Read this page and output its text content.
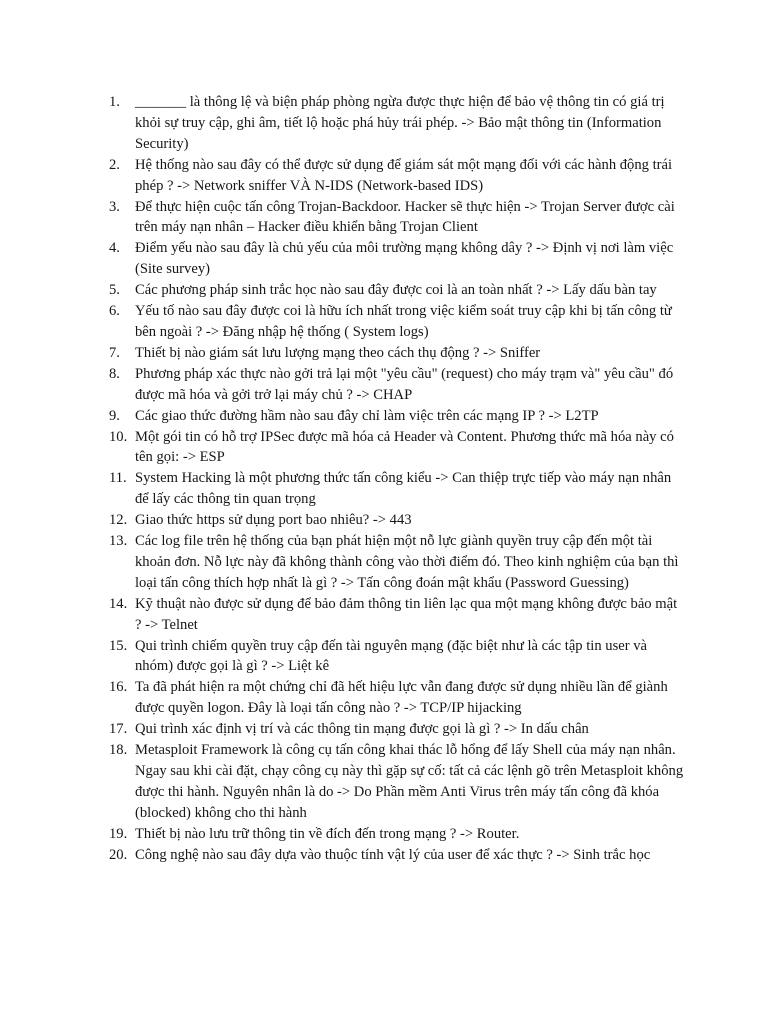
1.	_______ là thông lệ và biện pháp phòng ngừa được thực hiện để bảo vệ thông tin có giá trị khỏi sự truy cập, ghi âm, tiết lộ hoặc phá hủy trái phép. -> Bảo mật thông tin (Information Security)
2.	Hệ thống nào sau đây có thể được sử dụng để giám sát một mạng đối với các hành động trái phép ? -> Network sniffer VÀ N-IDS (Network-based IDS)
3.	Để thực hiện cuộc tấn công Trojan-Backdoor. Hacker sẽ thực hiện -> Trojan Server được cài trên máy nạn nhân – Hacker điều khiển bằng Trojan Client
4.	Điểm yếu nào sau đây là chủ yếu của môi trường mạng không dây ? -> Định vị nơi làm việc (Site survey)
5.	Các phương pháp sinh trắc học nào sau đây được coi là an toàn nhất ? -> Lấy dấu bàn tay
6.	Yếu tố nào sau đây được coi là hữu ích nhất trong việc kiểm soát truy cập khi bị tấn công từ bên ngoài ? -> Đăng nhập hệ thống ( System logs)
7.	Thiết bị nào giám sát lưu lượng mạng theo cách thụ động ? -> Sniffer
8.	Phương pháp xác thực nào gởi trả lại một "yêu cầu" (request) cho máy trạm và" yêu cầu" đó được mã hóa và gởi trở lại máy chủ ? -> CHAP
9.	Các giao thức đường hầm nào sau đây chỉ làm việc trên các mạng IP ? -> L2TP
10. Một gói tin có hỗ trợ IPSec được mã hóa cả Header và Content. Phương thức mã hóa này có tên gọi: -> ESP
11. System Hacking là một phương thức tấn công kiểu -> Can thiệp trực tiếp vào máy nạn nhân để lấy các thông tin quan trọng
12. Giao thức https sử dụng port bao nhiêu? -> 443
13. Các log file trên hệ thống của bạn phát hiện một nỗ lực giành quyền truy cập đến một tài khoản đơn. Nỗ lực này đã không thành công vào thời điểm đó. Theo kinh nghiệm của bạn thì loại tấn công thích hợp nhất là gì ? -> Tấn công đoán mật khẩu (Password Guessing)
14. Kỹ thuật nào được sử dụng để bảo đảm thông tin liên lạc qua một mạng không được bảo mật ? -> Telnet
15. Qui trình chiếm quyền truy cập đến tài nguyên mạng (đặc biệt như là các tập tin user và nhóm) được gọi là gì ? -> Liệt kê
16. Ta đã phát hiện ra một chứng chỉ đã hết hiệu lực vẫn đang được sử dụng nhiều lần để giành được quyền logon. Đây là loại tấn công nào ? -> TCP/IP hijacking
17. Qui trình xác định vị trí và các thông tin mạng được gọi là gì ? -> In dấu chân
18. Metasploit Framework là công cụ tấn công khai thác lỗ hổng để lấy Shell của máy nạn nhân. Ngay sau khi cài đặt, chạy công cụ này thì gặp sự cố: tất cả các lệnh gõ trên Metasploit không được thi hành. Nguyên nhân là do -> Do Phần mềm Anti Virus trên máy tấn công đã khóa (blocked) không cho thi hành
19. Thiết bị nào lưu trữ thông tin về đích đến trong mạng ? -> Router.
20. Công nghệ nào sau đây dựa vào thuộc tính vật lý của user để xác thực ? -> Sinh trắc học
